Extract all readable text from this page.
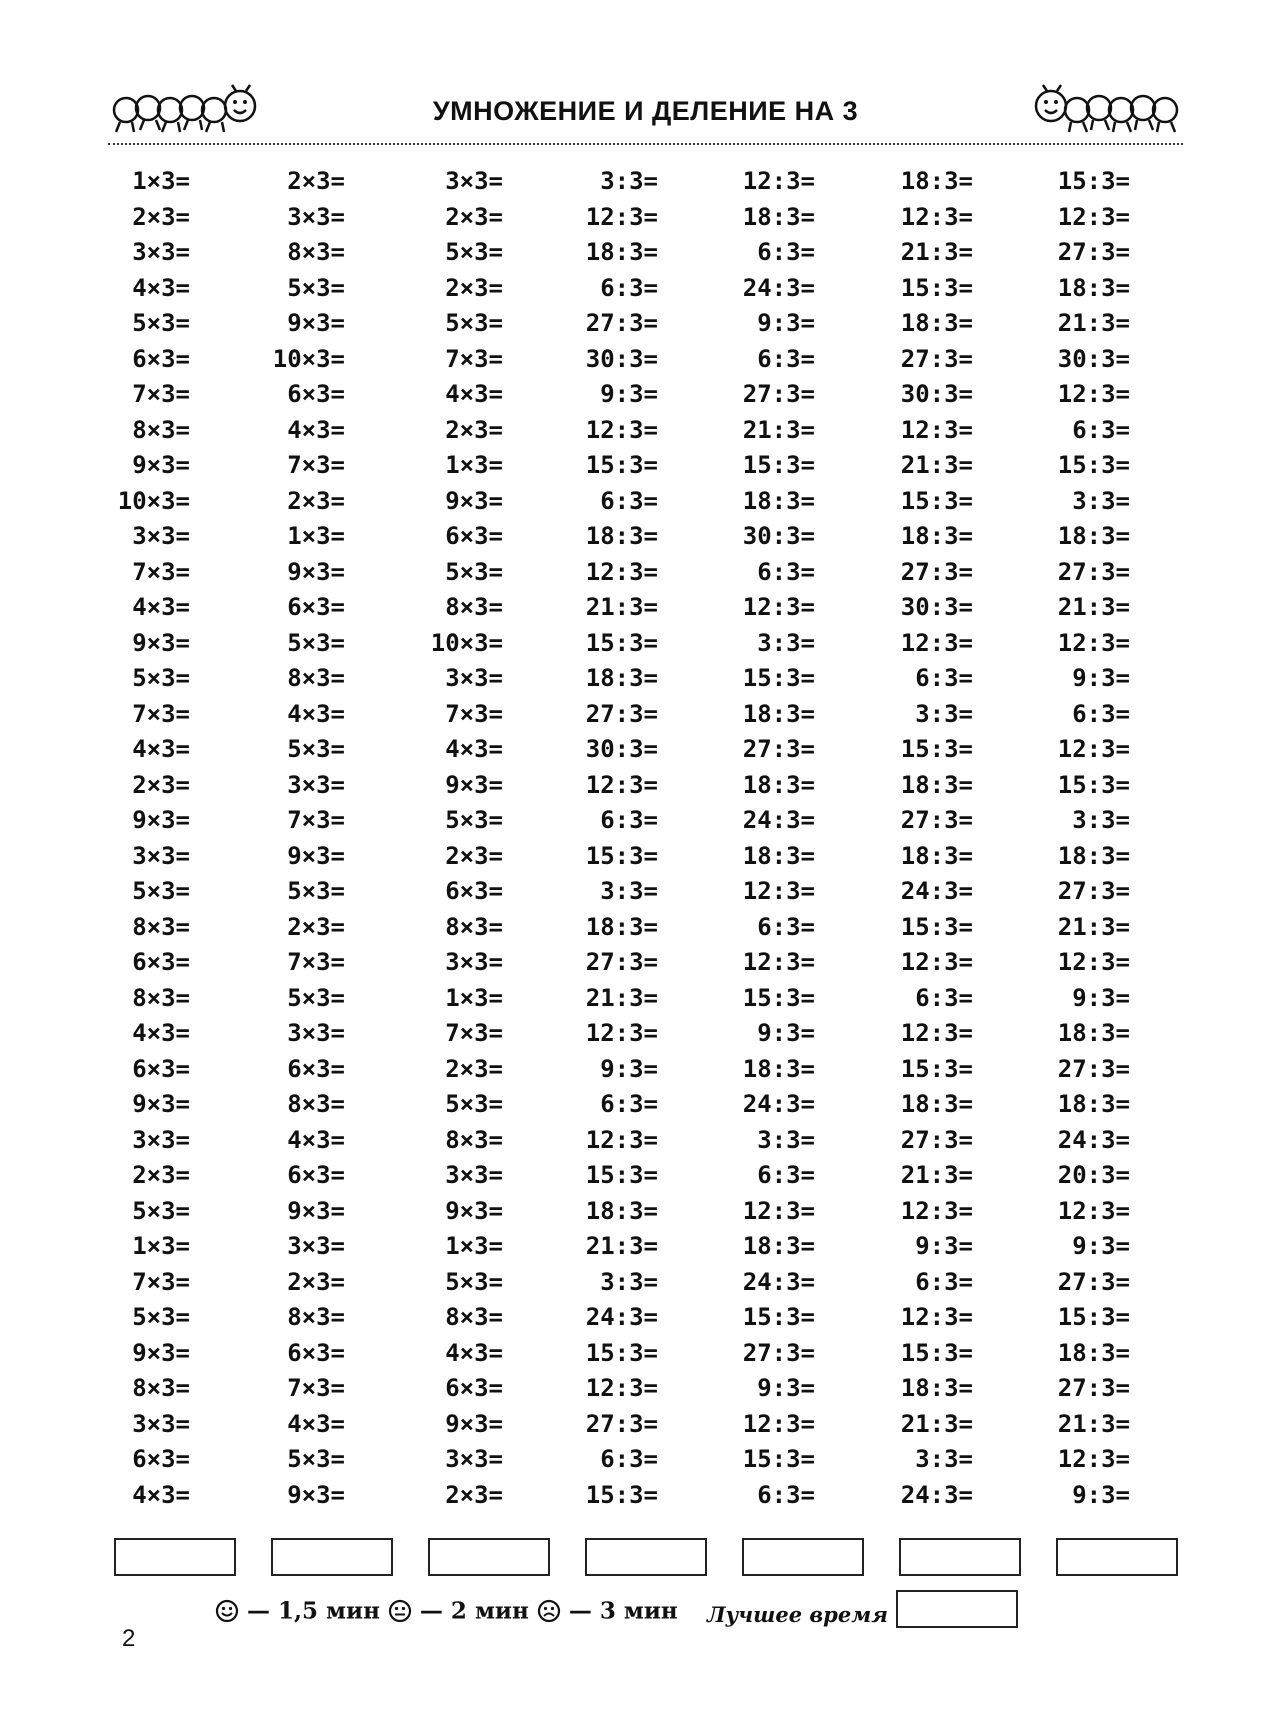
УМНОЖЕНИЕ И ДЕЛЕНИЕ НА 3
1×3=
2×3=
3×3=
4×3=
5×3=
6×3=
7×3=
8×3=
9×3=
10×3=
3×3=
7×3=
4×3=
9×3=
5×3=
7×3=
4×3=
2×3=
9×3=
3×3=
5×3=
8×3=
6×3=
8×3=
4×3=
6×3=
9×3=
3×3=
2×3=
5×3=
1×3=
7×3=
5×3=
9×3=
8×3=
3×3=
6×3=
4×3=
2×3=
3×3=
8×3=
5×3=
9×3=
10×3=
6×3=
4×3=
7×3=
2×3=
1×3=
9×3=
6×3=
5×3=
8×3=
4×3=
5×3=
3×3=
7×3=
9×3=
5×3=
2×3=
7×3=
5×3=
3×3=
6×3=
8×3=
4×3=
6×3=
9×3=
3×3=
2×3=
8×3=
6×3=
7×3=
4×3=
5×3=
9×3=
3×3=
2×3=
5×3=
2×3=
5×3=
7×3=
4×3=
2×3=
1×3=
9×3=
6×3=
5×3=
8×3=
10×3=
3×3=
7×3=
4×3=
9×3=
5×3=
2×3=
6×3=
8×3=
3×3=
1×3=
7×3=
2×3=
5×3=
8×3=
3×3=
9×3=
1×3=
5×3=
8×3=
4×3=
6×3=
9×3=
3×3=
2×3=
3:3=
12:3=
18:3=
6:3=
27:3=
30:3=
9:3=
12:3=
15:3=
6:3=
18:3=
12:3=
21:3=
15:3=
18:3=
27:3=
30:3=
12:3=
6:3=
15:3=
3:3=
18:3=
27:3=
21:3=
12:3=
9:3=
6:3=
12:3=
15:3=
18:3=
21:3=
3:3=
24:3=
15:3=
12:3=
27:3=
6:3=
15:3=
12:3=
18:3=
6:3=
24:3=
9:3=
6:3=
27:3=
21:3=
15:3=
18:3=
30:3=
6:3=
12:3=
3:3=
15:3=
18:3=
27:3=
18:3=
24:3=
18:3=
12:3=
6:3=
12:3=
15:3=
9:3=
18:3=
24:3=
3:3=
6:3=
12:3=
18:3=
24:3=
15:3=
27:3=
9:3=
12:3=
15:3=
6:3=
18:3=
12:3=
21:3=
15:3=
18:3=
27:3=
30:3=
12:3=
21:3=
15:3=
18:3=
27:3=
30:3=
12:3=
6:3=
3:3=
15:3=
18:3=
27:3=
18:3=
24:3=
15:3=
12:3=
6:3=
12:3=
15:3=
18:3=
27:3=
21:3=
12:3=
9:3=
6:3=
12:3=
15:3=
18:3=
21:3=
3:3=
24:3=
15:3=
12:3=
27:3=
18:3=
21:3=
30:3=
12:3=
6:3=
15:3=
3:3=
18:3=
27:3=
21:3=
12:3=
9:3=
6:3=
12:3=
15:3=
3:3=
18:3=
27:3=
21:3=
12:3=
9:3=
18:3=
27:3=
18:3=
24:3=
20:3=
12:3=
9:3=
27:3=
15:3=
18:3=
27:3=
21:3=
12:3=
9:3=
— 1,5 мин  — 2 мин  — 3 мин	Лучшее время
2
